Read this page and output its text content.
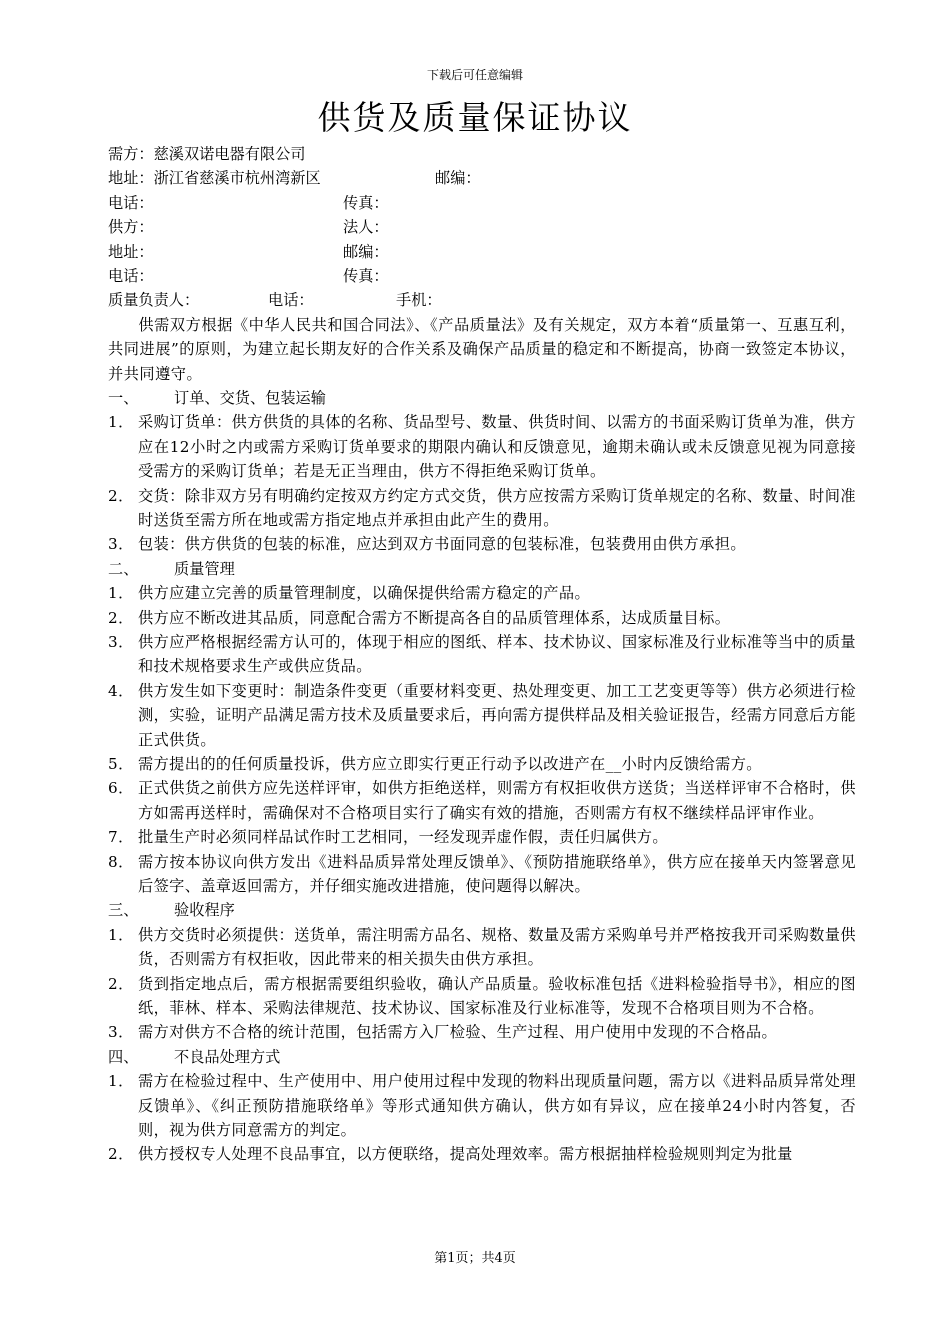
下载后可任意编辑
供货及质量保证协议
需方：慈溪双诺电器有限公司
地址：浙江省慈溪市杭州湾新区	邮编：
电话：	传真：
供方：	法人：
地址：	邮编：
电话：	传真：
质量负责人：	电话：	手机：

供需双方根据《中华人民共和国合同法》、《产品质量法》及有关规定，双方本着“质量第一、互惠互利，共同进展”的原则，为建立起长期友好的合作关系及确保产品质量的稳定和不断提高，协商一致签定本协议，并共同遵守。

一、 订单、交货、包装运输
1． 采购订货单：供方供货的具体的名称、货品型号、数量、供货时间、以需方的书面采购订货单为准，供方应在12小时之内或需方采购订货单要求的期限内确认和反馈意见，逾期未确认或未反馈意见视为同意接受需方的采购订货单；若是无正当理由，供方不得拒绝采购订货单。
2． 交货：除非双方另有明确约定按双方约定方式交货，供方应按需方采购订货单规定的名称、数量、时间准时送货至需方所在地或需方指定地点并承担由此产生的费用。
3． 包装：供方供货的包装的标准，应达到双方书面同意的包装标准，包装费用由供方承担。
二、 质量管理
1． 供方应建立完善的质量管理制度，以确保提供给需方稳定的产品。
2． 供方应不断改进其品质，同意配合需方不断提高各自的品质管理体系，达成质量目标。
3． 供方应严格根据经需方认可的，体现于相应的图纸、样本、技术协议、国家标准及行业标准等当中的质量和技术规格要求生产或供应货品。
4． 供方发生如下变更时：制造条件变更（重要材料变更、热处理变更、加工工艺变更等等）供方必须进行检测，实验，证明产品满足需方技术及质量要求后，再向需方提供样品及相关验证报告，经需方同意后方能正式供货。
5． 需方提出的的任何质量投诉，供方应立即实行更正行动予以改进产在__小时内反馈给需方。
6． 正式供货之前供方应先送样评审，如供方拒绝送样，则需方有权拒收供方送货；当送样评审不合格时，供方如需再送样时，需确保对不合格项目实行了确实有效的措施，否则需方有权不继续样品评审作业。
7． 批量生产时必须同样品试作时工艺相同，一经发现弄虚作假，责任归属供方。
8． 需方按本协议向供方发出《进料品质异常处理反馈单》、《预防措施联络单》，供方应在接单天内签署意见后签字、盖章返回需方，并仔细实施改进措施，使问题得以解决。
三、 验收程序
1． 供方交货时必须提供：送货单，需注明需方品名、规格、数量及需方采购单号并严格按我开司采购数量供货，否则需方有权拒收，因此带来的相关损失由供方承担。
2． 货到指定地点后，需方根据需要组织验收，确认产品质量。验收标准包括《进料检验指导书》，相应的图纸，菲林、样本、采购法律规范、技术协议、国家标准及行业标准等，发现不合格项目则为不合格。
3． 需方对供方不合格的统计范围，包括需方入厂检验、生产过程、用户使用中发现的不合格品。
四、 不良品处理方式
1． 需方在检验过程中、生产使用中、用户使用过程中发现的物料出现质量问题，需方以《进料品质异常处理反馈单》、《纠正预防措施联络单》等形式通知供方确认，供方如有异议，应在接单24小时内答复，否则，视为供方同意需方的判定。
2． 供方授权专人处理不良品事宜，以方便联络，提高处理效率。需方根据抽样检验规则判定为批量
第1页；共4页
